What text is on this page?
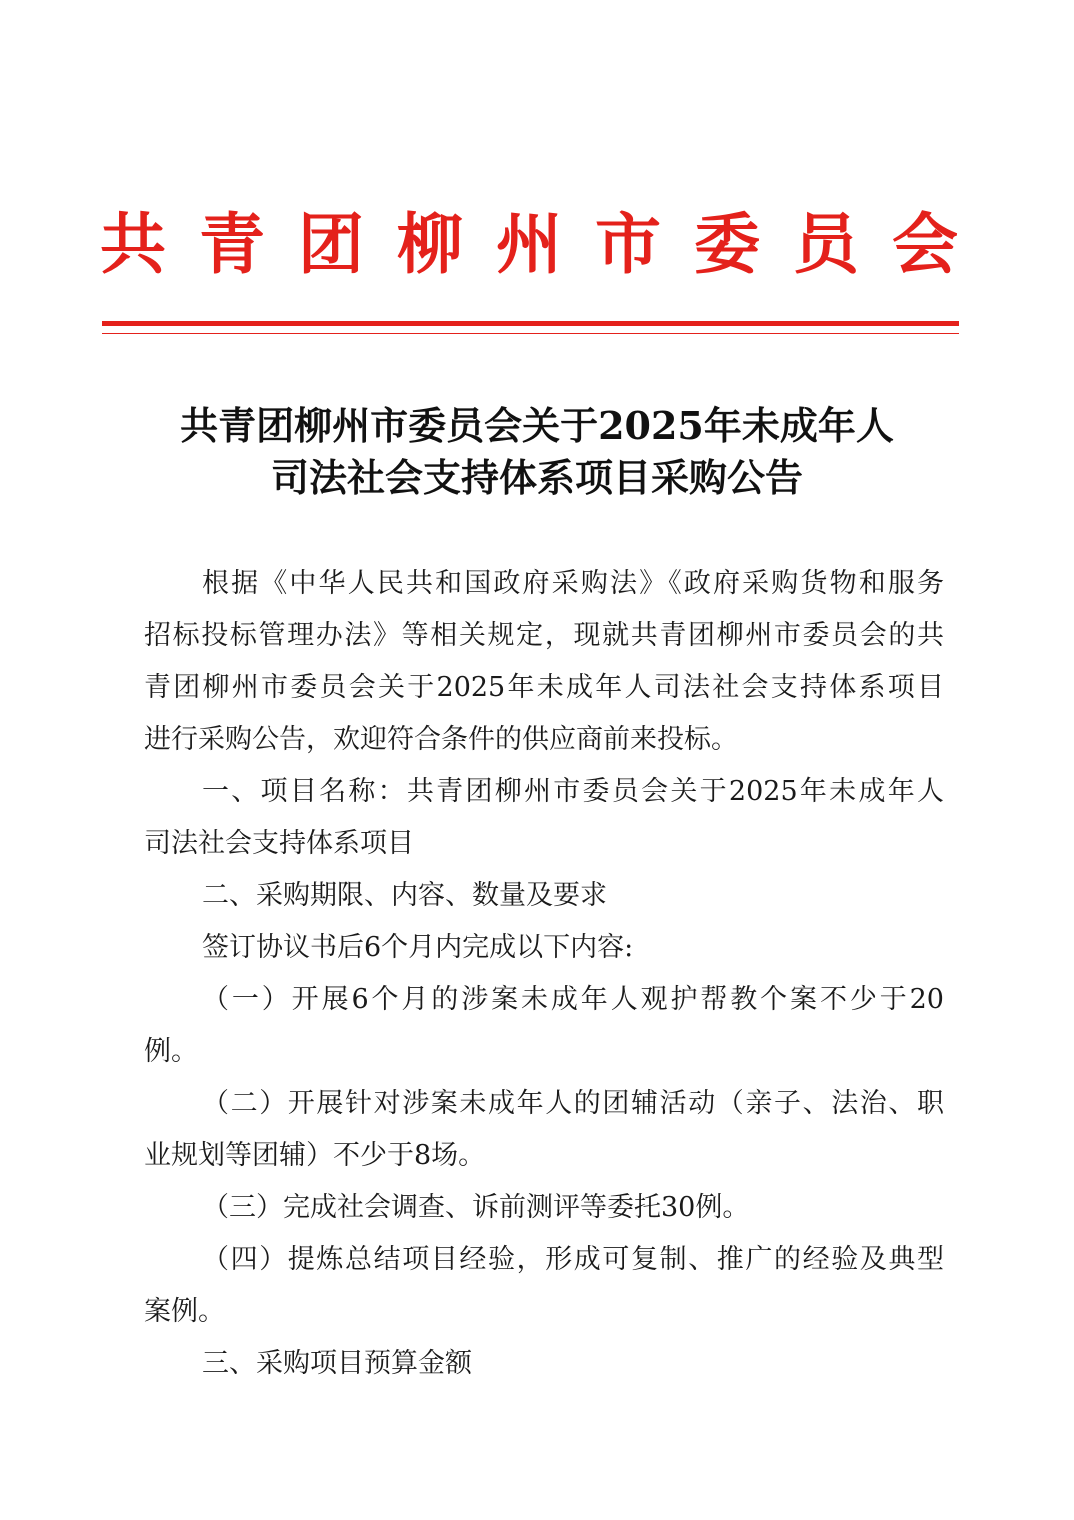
共 青 团 柳 州 市 委 员 会
共青团柳州市委员会关于2025年未成年人
司法社会支持体系项目采购公告
根据《中华人民共和国政府采购法》《政府采购货物和服务
招标投标管理办法》等相关规定，现就共青团柳州市委员会的共
青团柳州市委员会关于2025年未成年人司法社会支持体系项目
进行采购公告，欢迎符合条件的供应商前来投标。
一、项目名称：共青团柳州市委员会关于2025年未成年人
司法社会支持体系项目
二、采购期限、内容、数量及要求
签订协议书后6个月内完成以下内容:
（一）开展6个月的涉案未成年人观护帮教个案不少于20
例。
（二）开展针对涉案未成年人的团辅活动（亲子、法治、职
业规划等团辅）不少于8场。
（三）完成社会调查、诉前测评等委托30例。
（四）提炼总结项目经验，形成可复制、推广的经验及典型
案例。
三、采购项目预算金额
